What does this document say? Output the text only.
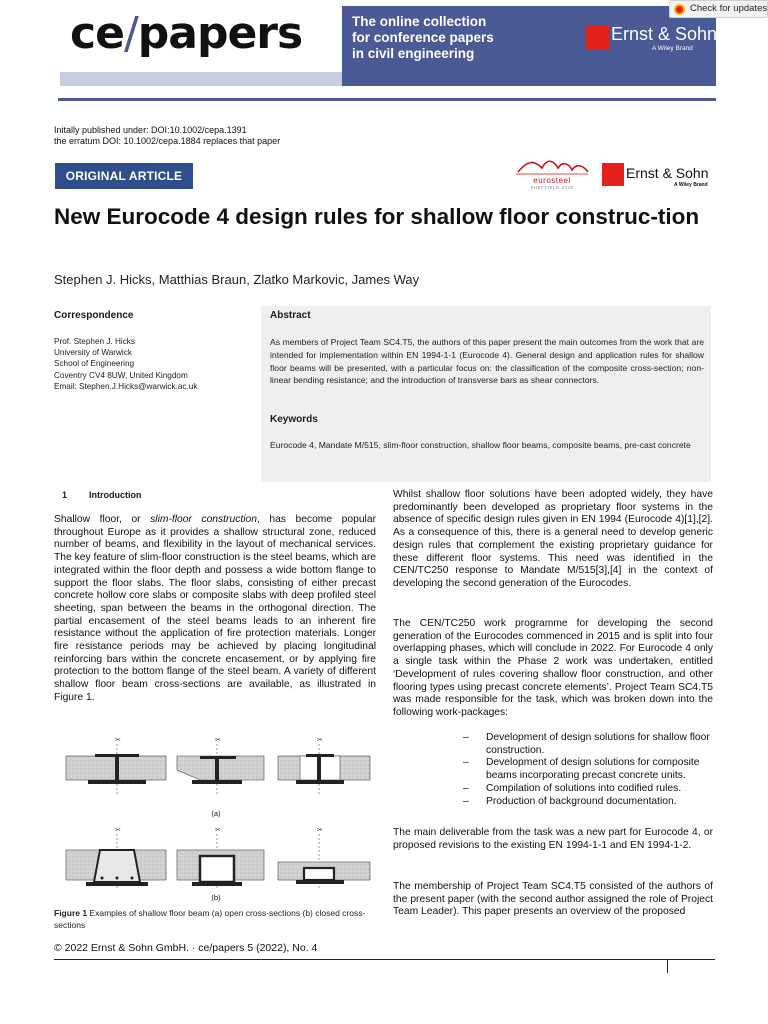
ce/papers	The online collection
for conference papers
in civil engineering
Ernst & Sohn
A Wiley Brand
Check for updates
Initally published under: DOI:10.1002/cepa.1391
the erratum DOI: 10.1002/cepa.1884 replaces that paper
ORIGINAL ARTICLE	eurosteel
SHEFFIELD 2020
Ernst & Sohn
A Wiley Brand
New Eurocode 4 design rules for shallow floor construc-tion
Stephen J. Hicks, Matthias Braun, Zlatko Markovic, James Way
Correspondence
Prof. Stephen J. Hicks
University of Warwick
School of Engineering
Coventry CV4 8UW, United Kingdom
Email: Stephen.J.Hicks@warwick.ac.uk
Abstract

As members of Project Team SC4.T5, the authors of this paper present the main outcomes from the work that are intended for implementation within EN 1994-1-1 (Eurocode 4). General design and application rules for shallow floor beams will be presented, with a particular focus on: the classification of the composite cross-section; non-linear bending resistance; and the introduction of transverse bars as shear connectors.

Keywords

Eurocode 4, Mandate M/515, slim-floor construction, shallow floor beams, composite beams, pre-cast concrete

1 Introduction

Shallow floor, or slim-floor construction, has become popular throughout Europe as it provides a shallow structural zone, reduced number of beams, and flexibility in the layout of mechanical services. The key feature of slim-floor construction is the steel beams, which are integrated within the floor depth and possess a wide bottom flange to support the floor slabs. The floor slabs, consisting of either precast concrete hollow core slabs or composite slabs with deep profiled steel sheeting, span between the beams in the orthogonal direction. The partial encasement of the steel beams leads to an inherent fire resistance without the application of fire protection materials. Longer fire resistance periods may be achieved by placing longitudinal reinforcing bars within the concrete encasement, or by applying fire protection to the bottom flange of the steel beam. A variety of different shallow floor beam cross-sections are available, as illustrated in Figure 1.

✂	✂	✂
(a)
✂	✂	✂
(b)

Figure 1 Examples of shallow floor beam (a) open cross-sections (b) closed cross-sections

Whilst shallow floor solutions have been adopted widely, they have predominantly been developed as proprietary floor systems in the absence of specific design rules given in EN 1994 (Eurocode 4)[1],[2]. As a consequence of this, there is a general need to develop generic design rules that complement the existing proprietary guidance for these different floor systems. This need was identified in the CEN/TC250 response to Mandate M/515[3],[4] in the context of developing the second generation of the Eurocodes.

The CEN/TC250 work programme for developing the second generation of the Eurocodes commenced in 2015 and is split into four overlapping phases, which will conclude in 2022. For Eurocode 4 only a single task within the Phase 2 work was undertaken, entitled ‘Development of rules covering shallow floor construction, and other flooring types using precast concrete elements’. Project Team SC4.T5 was made responsible for the task, which was broken down into the following work-packages:

– Development of design solutions for shallow floor construction.
– Development of design solutions for composite beams incorporating precast concrete units.
– Compilation of solutions into codified rules.
– Production of background documentation.

The main deliverable from the task was a new part for Eurocode 4, or proposed revisions to the existing EN 1994-1-1 and EN 1994-1-2.

The membership of Project Team SC4.T5 consisted of the authors of the present paper (with the second author assigned the role of Project Team Leader). This paper presents an overview of the proposed

© 2022 Ernst & Sohn GmbH. · ce/papers 5 (2022), No. 4
